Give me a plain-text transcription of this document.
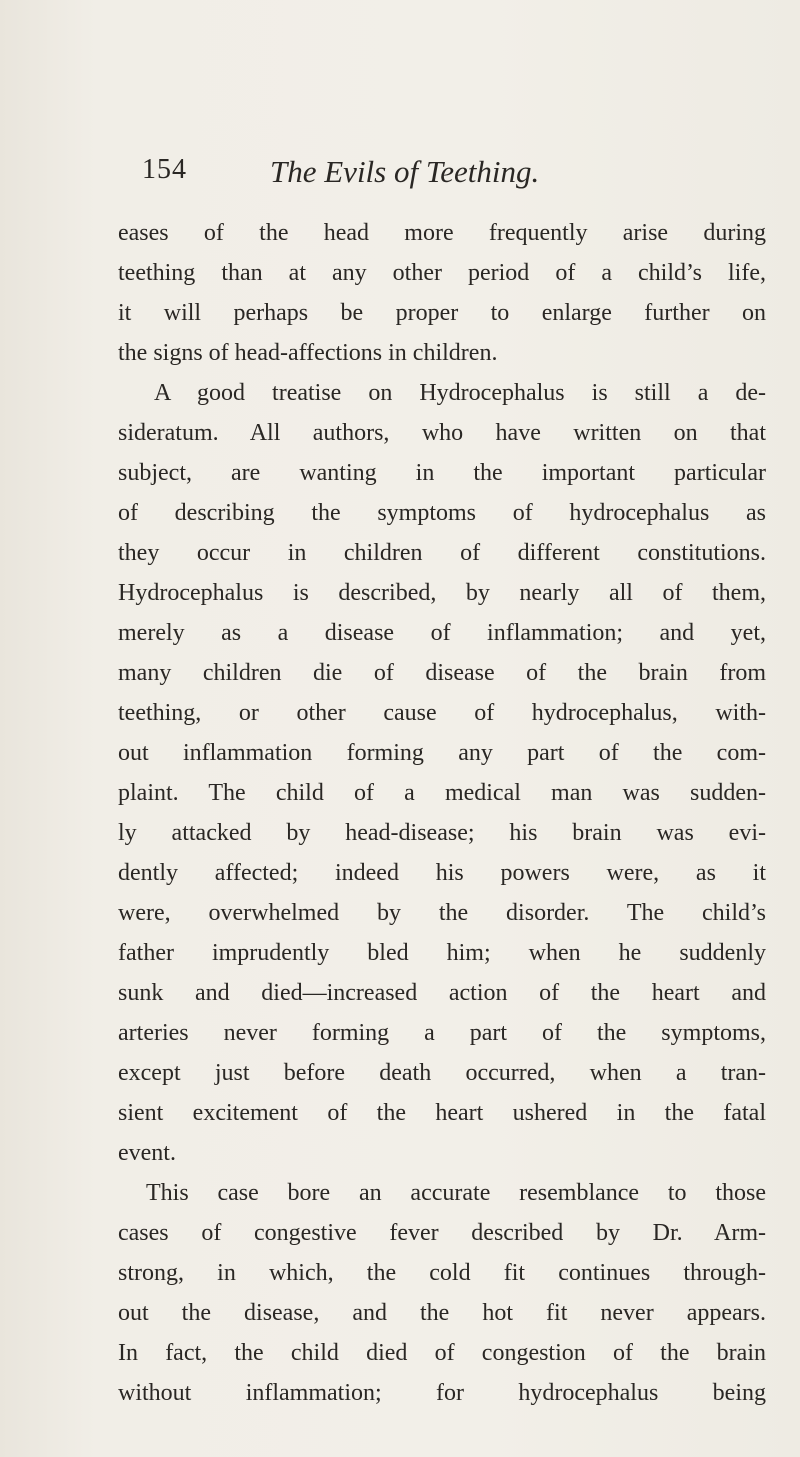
154	The Evils of Teething.
eases of the head more frequently arise during
teething than at any other period of a child’s life,
it will perhaps be proper to enlarge further on
the signs of head-affections in children.
A good treatise on Hydrocephalus is still a de-
sideratum. All authors, who have written on that
subject, are wanting in the important particular
of describing the symptoms of hydrocephalus as
they occur in children of different constitutions.
Hydrocephalus is described, by nearly all of them,
merely as a disease of inflammation; and yet,
many children die of disease of the brain from
teething, or other cause of hydrocephalus, with-
out inflammation forming any part of the com-
plaint. The child of a medical man was sudden-
ly attacked by head-disease; his brain was evi-
dently affected; indeed his powers were, as it
were, overwhelmed by the disorder. The child’s
father imprudently bled him; when he suddenly
sunk and died—increased action of the heart and
arteries never forming a part of the symptoms,
except just before death occurred, when a tran-
sient excitement of the heart ushered in the fatal
event.
This case bore an accurate resemblance to those
cases of congestive fever described by Dr. Arm-
strong, in which, the cold fit continues through-
out the disease, and the hot fit never appears.
In fact, the child died of congestion of the brain
without inflammation; for hydrocephalus being
